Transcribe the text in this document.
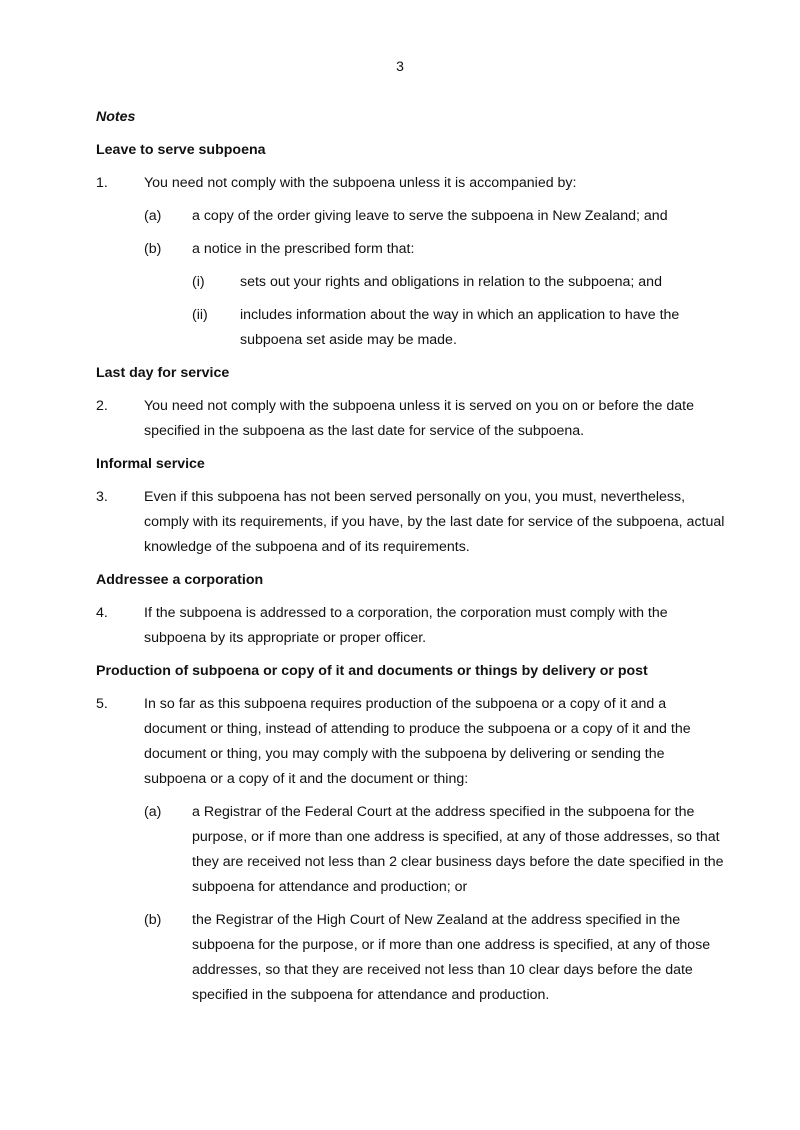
3
Notes
Leave to serve subpoena
1.	You need not comply with the subpoena unless it is accompanied by:
(a) a copy of the order giving leave to serve the subpoena in New Zealand; and
(b) a notice in the prescribed form that:
(i) sets out your rights and obligations in relation to the subpoena; and
(ii) includes information about the way in which an application to have the subpoena set aside may be made.
Last day for service
2.	You need not comply with the subpoena unless it is served on you on or before the date specified in the subpoena as the last date for service of the subpoena.
Informal service
3.	Even if this subpoena has not been served personally on you, you must, nevertheless, comply with its requirements, if you have, by the last date for service of the subpoena, actual knowledge of the subpoena and of its requirements.
Addressee a corporation
4.	If the subpoena is addressed to a corporation, the corporation must comply with the subpoena by its appropriate or proper officer.
Production of subpoena or copy of it and documents or things by delivery or post
5.	In so far as this subpoena requires production of the subpoena or a copy of it and a document or thing, instead of attending to produce the subpoena or a copy of it and the document or thing, you may comply with the subpoena by delivering or sending the subpoena or a copy of it and the document or thing:
(a) a Registrar of the Federal Court at the address specified in the subpoena for the purpose, or if more than one address is specified, at any of those addresses, so that they are received not less than 2 clear business days before the date specified in the subpoena for attendance and production; or
(b) the Registrar of the High Court of New Zealand at the address specified in the subpoena for the purpose, or if more than one address is specified, at any of those addresses, so that they are received not less than 10 clear days before the date specified in the subpoena for attendance and production.
